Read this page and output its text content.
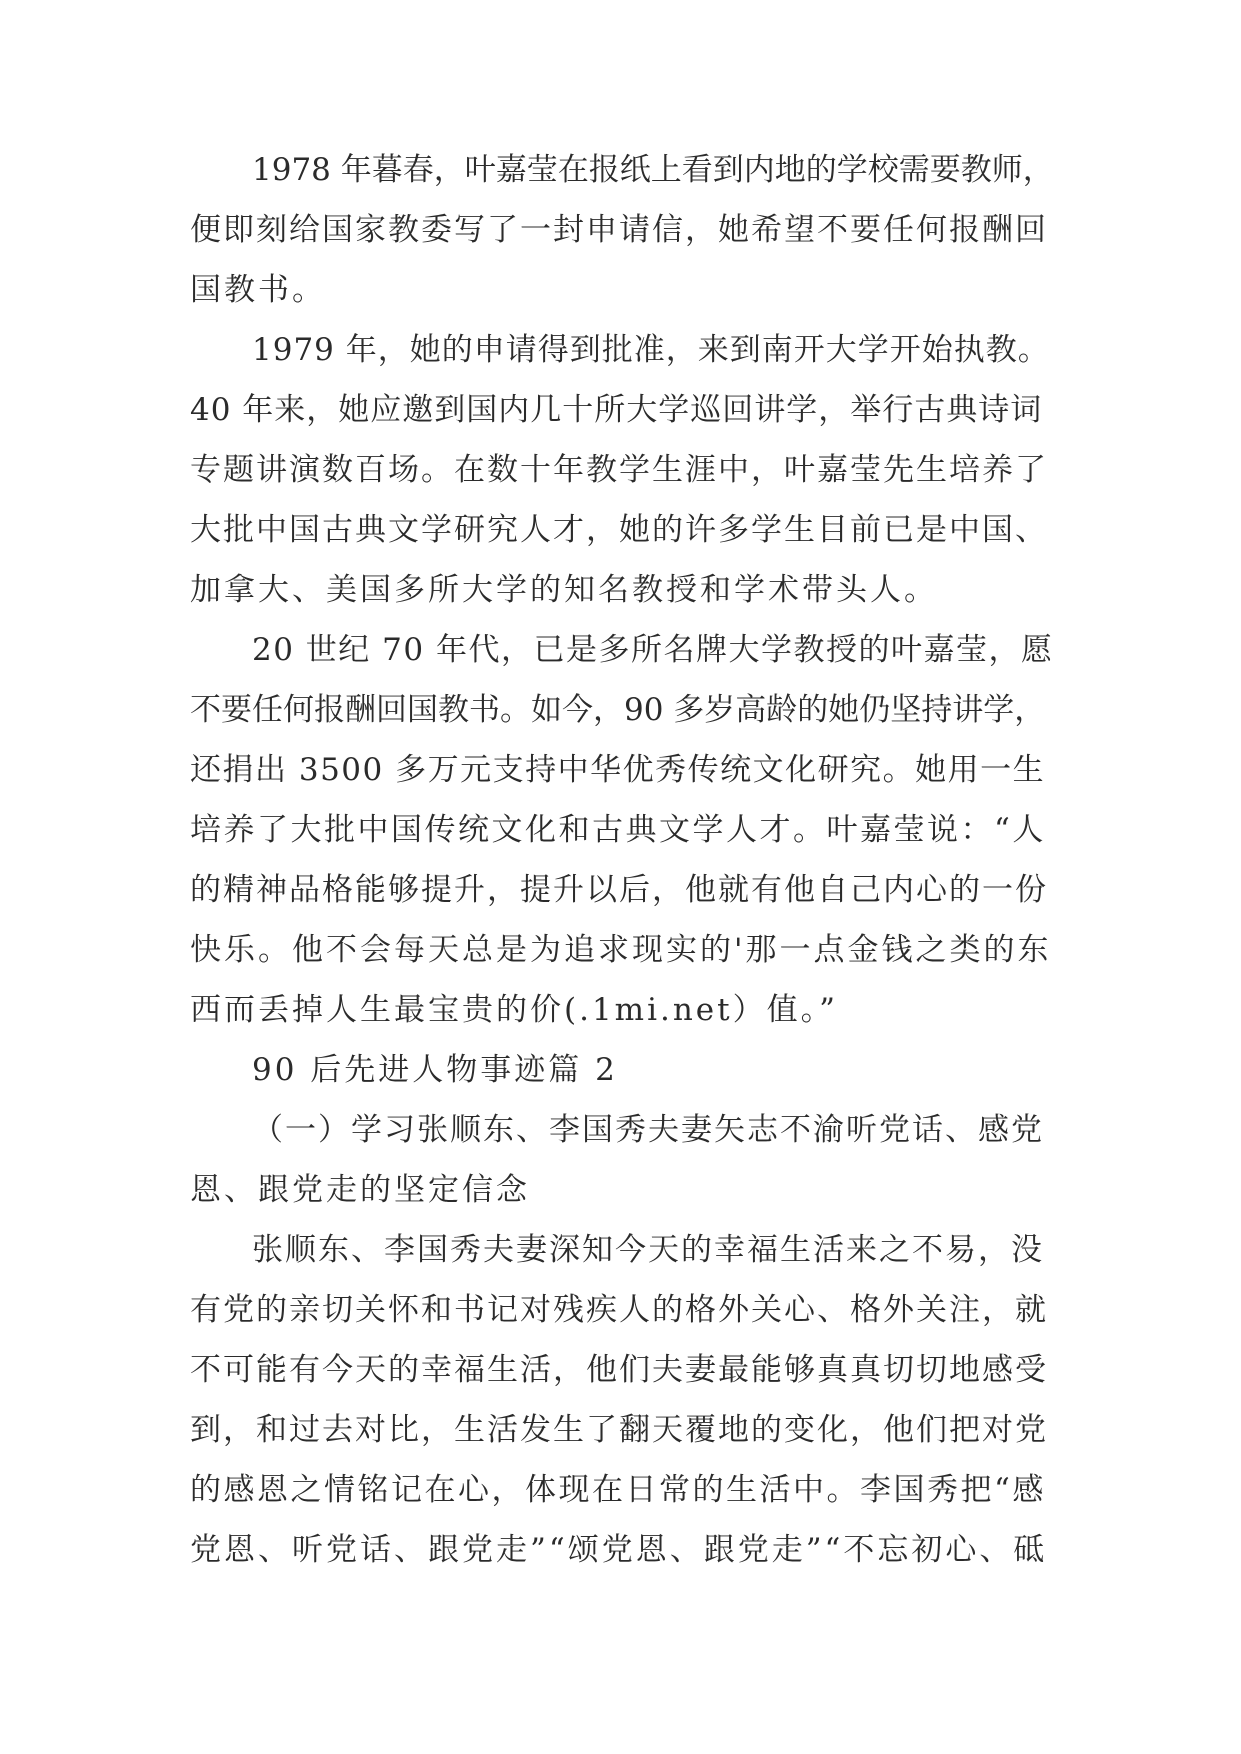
1978 年暮春，叶嘉莹在报纸上看到内地的学校需要教师，
便即刻给国家教委写了一封申请信，她希望不要任何报酬回
国教书。
1979 年，她的申请得到批准，来到南开大学开始执教。
40 年来，她应邀到国内几十所大学巡回讲学，举行古典诗词
专题讲演数百场。在数十年教学生涯中，叶嘉莹先生培养了
大批中国古典文学研究人才，她的许多学生目前已是中国、
加拿大、美国多所大学的知名教授和学术带头人。
20 世纪 70 年代，已是多所名牌大学教授的叶嘉莹，愿
不要任何报酬回国教书。如今，90 多岁高龄的她仍坚持讲学，
还捐出 3500 多万元支持中华优秀传统文化研究。她用一生
培养了大批中国传统文化和古典文学人才。叶嘉莹说：“人
的精神品格能够提升，提升以后，他就有他自己内心的一份
快乐。他不会每天总是为追求现实的'那一点金钱之类的东
西而丢掉人生最宝贵的价(.1mi.net）值。”
90 后先进人物事迹篇 2
（一）学习张顺东、李国秀夫妻矢志不渝听党话、感党
恩、跟党走的坚定信念
张顺东、李国秀夫妻深知今天的幸福生活来之不易，没
有党的亲切关怀和书记对残疾人的格外关心、格外关注，就
不可能有今天的幸福生活，他们夫妻最能够真真切切地感受
到，和过去对比，生活发生了翻天覆地的变化，他们把对党
的感恩之情铭记在心，体现在日常的生活中。李国秀把“感
党恩、听党话、跟党走”“颂党恩、跟党走”“不忘初心、砥
